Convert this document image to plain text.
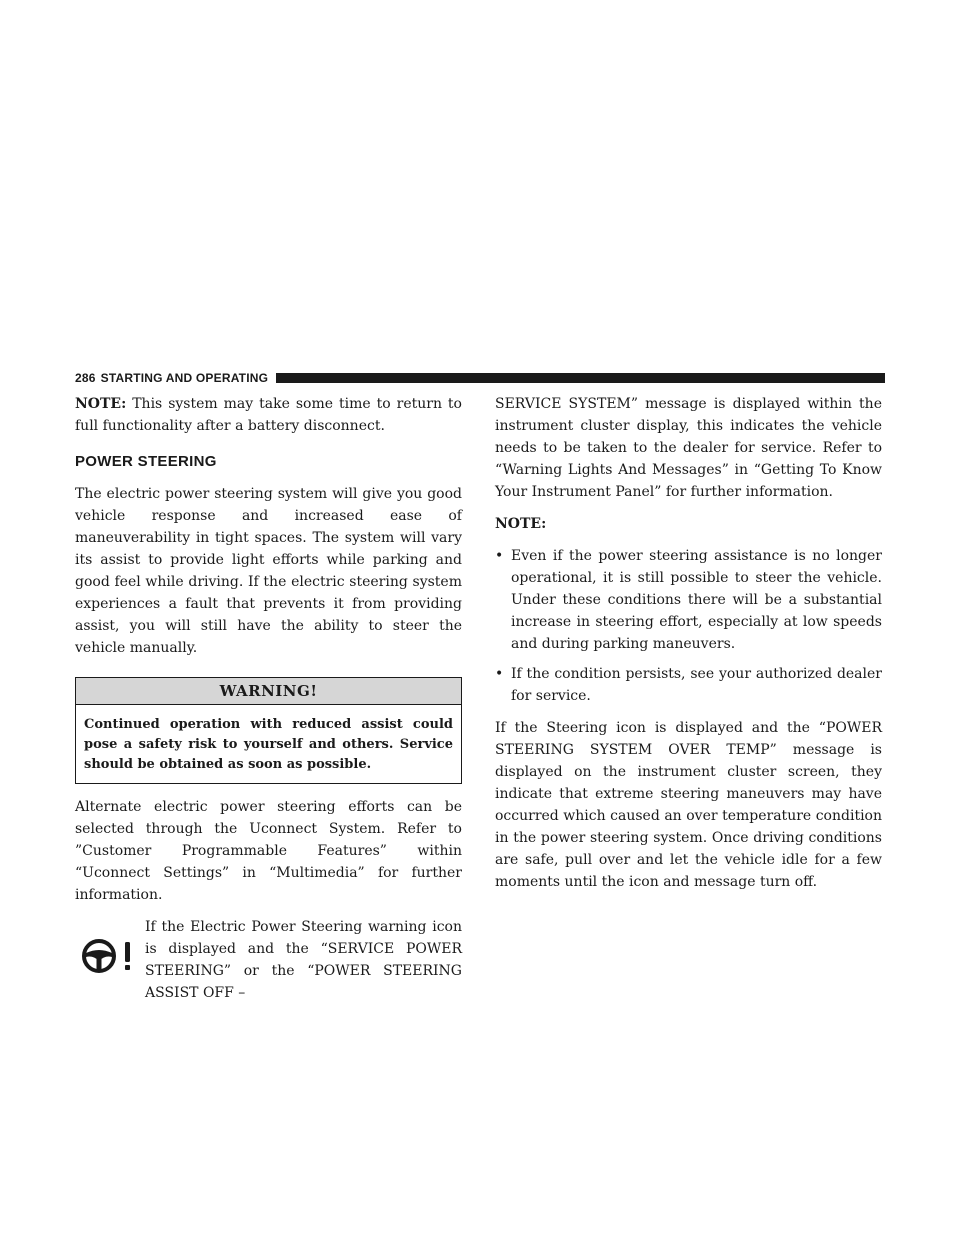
286 STARTING AND OPERATING

NOTE: This system may take some time to return to full functionality after a battery disconnect.

POWER STEERING

The electric power steering system will give you good vehicle response and increased ease of maneuverability in tight spaces. The system will vary its assist to provide light efforts while parking and good feel while driving. If the electric steering system experiences a fault that prevents it from providing assist, you will still have the ability to steer the vehicle manually.

WARNING!
Continued operation with reduced assist could pose a safety risk to yourself and others. Service should be obtained as soon as possible.

Alternate electric power steering efforts can be selected through the Uconnect System. Refer to ”Customer Programmable Features” within “Uconnect Settings” in “Multimedia” for further information.

If the Electric Power Steering warning icon is displayed and the “SERVICE POWER STEERING” or the “POWER STEERING ASSIST OFF –

SERVICE SYSTEM” message is displayed within the instrument cluster display, this indicates the vehicle needs to be taken to the dealer for service. Refer to “Warning Lights And Messages” in “Getting To Know Your Instrument Panel” for further information.

NOTE:

• Even if the power steering assistance is no longer operational, it is still possible to steer the vehicle. Under these conditions there will be a substantial increase in steering effort, especially at low speeds and during parking maneuvers.
• If the condition persists, see your authorized dealer for service.

If the Steering icon is displayed and the “POWER STEERING SYSTEM OVER TEMP” message is displayed on the instrument cluster screen, they indicate that extreme steering maneuvers may have occurred which caused an over temperature condition in the power steering system. Once driving conditions are safe, pull over and let the vehicle idle for a few moments until the icon and message turn off.
